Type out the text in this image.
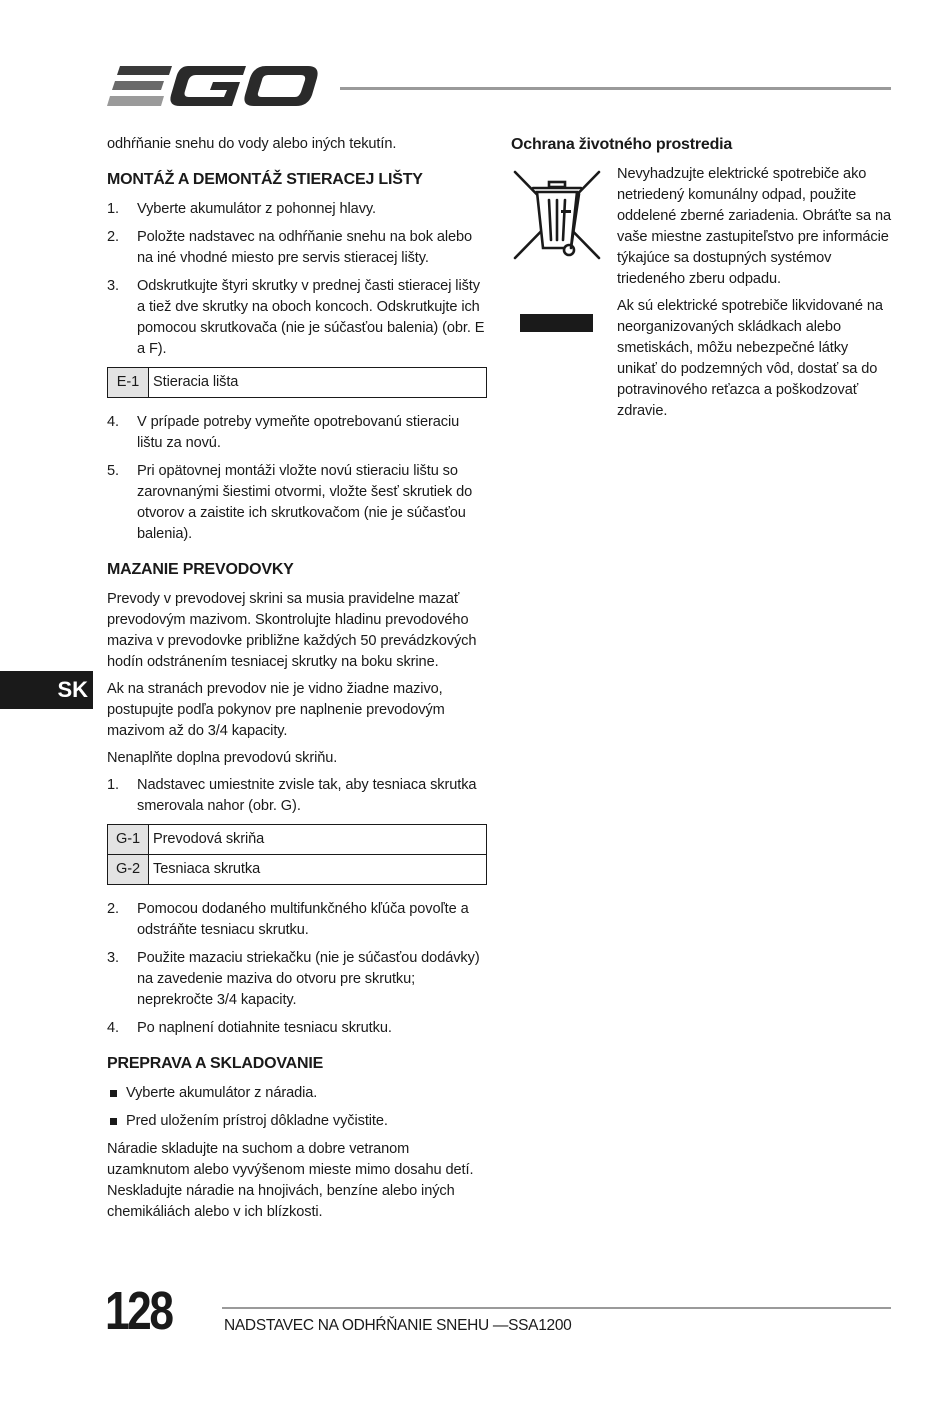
odhŕňanie snehu do vody alebo iných tekutín.

MONTÁŽ A DEMONTÁŽ STIERACEJ LIŠTY
1.	Vyberte akumulátor z pohonnej hlavy.
2.	Položte nadstavec na odhŕňanie snehu na bok alebo na iné vhodné miesto pre servis stieracej lišty.
3.	Odskrutkujte štyri skrutky v prednej časti stieracej lišty a tiež dve skrutky na oboch koncoch. Odskrutkujte ich pomocou skrutkovača (nie je súčasťou balenia) (obr. E a F).
E-1	Stieracia lišta
4.	V prípade potreby vymeňte opotrebovanú stieraciu lištu za novú.
5.	Pri opätovnej montáži vložte novú stieraciu lištu so zarovnanými šiestimi otvormi, vložte šesť skrutiek do otvorov a zaistite ich skrutkovačom (nie je súčasťou balenia).
MAZANIE PREVODOVKY

Prevody v prevodovej skrini sa musia pravidelne mazať prevodovým mazivom. Skontrolujte hladinu prevodového maziva v prevodovke približne každých 50 prevádzkových hodín odstránením tesniacej skrutky na boku skrine.

Ak na stranách prevodov nie je vidno žiadne mazivo, postupujte podľa pokynov pre naplnenie prevodovým mazivom až do 3/4 kapacity.

Nenaplňte doplna prevodovú skriňu.

1.	Nadstavec umiestnite zvisle tak, aby tesniaca skrutka smerovala nahor (obr. G).
G-1	Prevodová skriňa
G-2	Tesniaca skrutka
2.	Pomocou dodaného multifunkčného kľúča povoľte a odstráňte tesniacu skrutku.
3.	Použite mazaciu striekačku (nie je súčasťou dodávky) na zavedenie maziva do otvoru pre skrutku; neprekročte 3/4 kapacity.
4.	Po naplnení dotiahnite tesniacu skrutku.
PREPRAVA A SKLADOVANIE
Vyberte akumulátor z náradia.
Pred uložením prístroj dôkladne vyčistite.

Náradie skladujte na suchom a dobre vetranom uzamknutom alebo vyvýšenom mieste mimo dosahu detí. Neskladujte náradie na hnojivách, benzíne alebo iných chemikáliách alebo v ich blízkosti.

Ochrana životného prostredia

Nevyhadzujte elektrické spotrebiče ako netriedený komunálny odpad, použite oddelené zberné zariadenia. Obráťte sa na vaše miestne zastupiteľstvo pre informácie týkajúce sa dostupných systémov triedeného zberu odpadu.

Ak sú elektrické spotrebiče likvidované na neorganizovaných skládkach alebo smetiskách, môžu nebezpečné látky unikať do podzemných vôd, dostať sa do potravinového reťazca a poškodzovať zdravie.

SK
128	NADSTAVEC NA ODHŔŇANIE SNEHU —SSA1200
